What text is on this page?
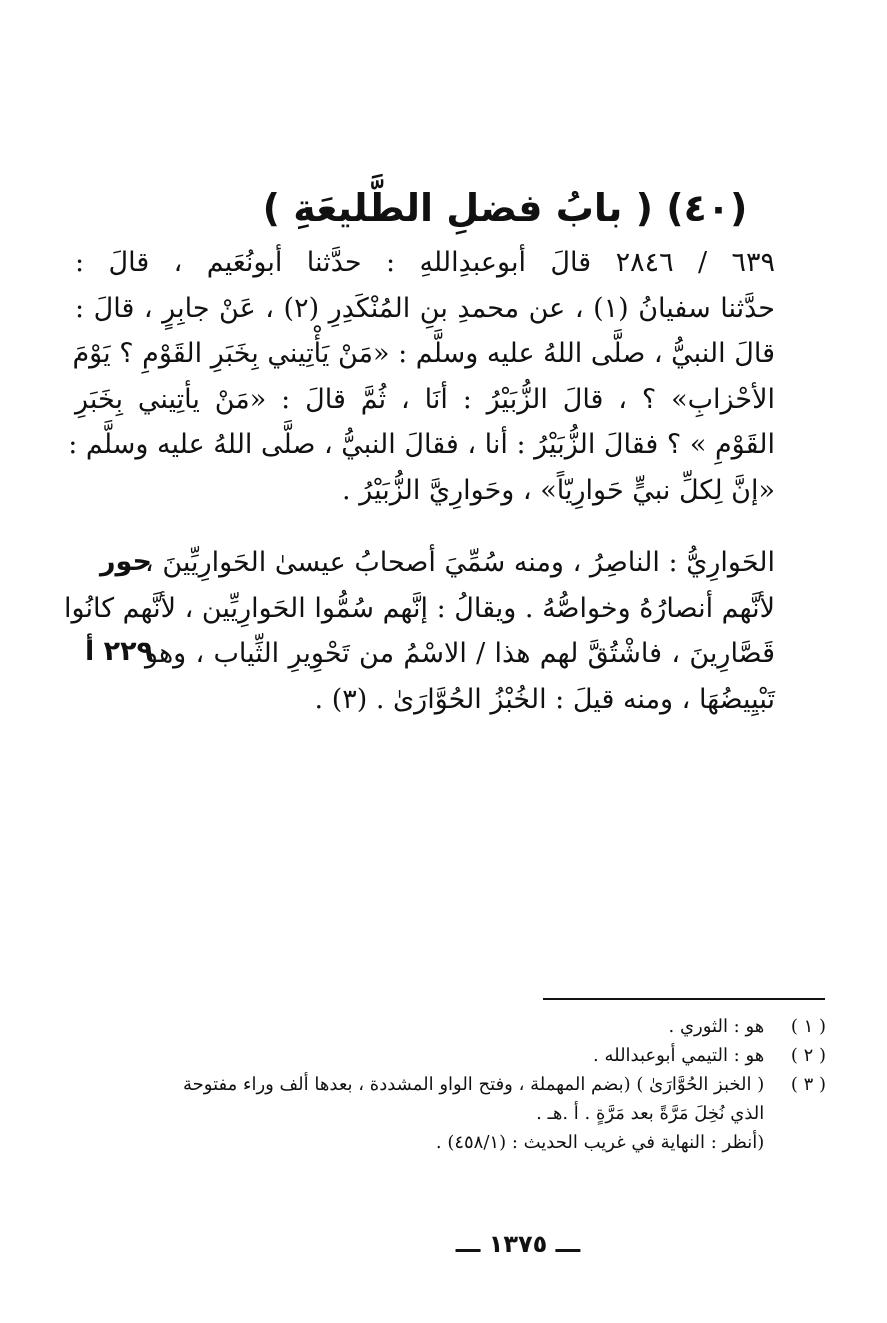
(٤٠) ( بابُ فضلِ الطَّليعَةِ )
٦٣٩ / ٢٨٤٦ قالَ أبوعبدِاللهِ : حدَّثنا أبونُعَيم ، قالَ :
حدَّثنا سفيانُ (١) ، عن محمدِ بنِ المُنْكَدِرِ (٢) ، عَنْ جابِرٍ ، قالَ :
قالَ النبيُّ ، صلَّى اللهُ عليه وسلَّم : «مَنْ يَأْتِيني بِخَبَرِ القَوْمِ ؟ يَوْمَ
الأحْزابِ» ؟ ، قالَ الزُّبَيْرُ : أنَا ، ثُمَّ قالَ : «مَنْ يأتِيني بِخَبَرِ
القَوْمِ » ؟ فقالَ الزُّبَيْرُ : أنا ، فقالَ النبيُّ ، صلَّى اللهُ عليه وسلَّم :
«إنَّ لِكلِّ نبيٍّ حَوارِيّاً» ، وحَوارِيَّ الزُّبَيْرُ .
الحَوارِيُّ : الناصِرُ ، ومنه سُمِّيَ أصحابُ عيسىٰ الحَوارِيِّينَ ،
لأنَّهم أنصارُهُ وخواصُّهُ . ويقالُ : إنَّهم سُمُّوا الحَوارِيِّين ، لأنَّهم كانُوا
قَصَّارِينَ ، فاشْتُقَّ لهم هذا / الاسْمُ من تَحْوِيرِ الثِّياب ، وهو
تَبْيِيضُهَا ، ومنه قيلَ : الخُبْزُ الحُوَّارَىٰ . (٣) .
حور
٢٢٩ أ
( ١ ) هو : الثوري .
( ٢ ) هو : التيمي أبوعبدالله .
( ٣ ) ( الخبز الحُوَّارَىٰ ) (بضم المهملة ، وفتح الواو المشددة ، بعدها ألف وراء مفتوحة
الذي نُخِلَ مَرَّةً بعد مَرَّةٍ . أ .هـ .
(أنظر : النهاية في غريب الحديث : (٤٥٨/١) .
ـــ ١٣٧٥ ـــ
